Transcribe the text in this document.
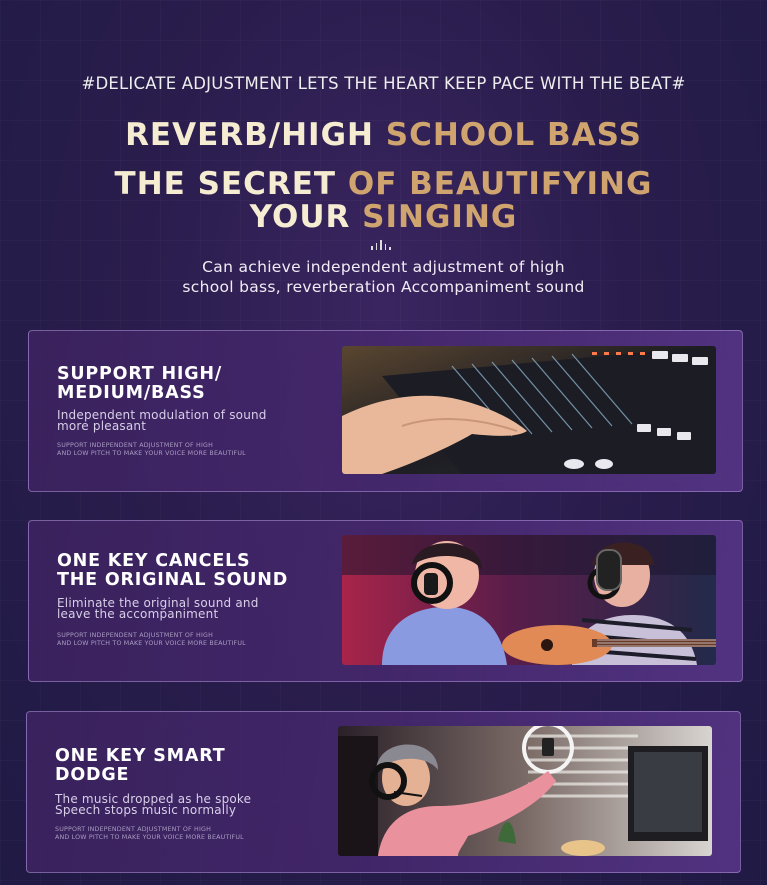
#DELICATE ADJUSTMENT LETS THE HEART KEEP PACE WITH THE BEAT#
REVERB/HIGH SCHOOL BASS
THE SECRET OF BEAUTIFYING
YOUR SINGING
Can achieve independent adjustment of high
school bass, reverberation Accompaniment sound
SUPPORT HIGH/
MEDIUM/BASS
Independent modulation of sound
more pleasant
SUPPORT INDEPENDENT ADJUSTMENT OF HIGH
AND LOW PITCH TO MAKE YOUR VOICE MORE BEAUTIFUL
ONE KEY CANCELS
THE ORIGINAL SOUND
Eliminate the original sound and
leave the accompaniment
SUPPORT INDEPENDENT ADJUSTMENT OF HIGH
AND LOW PITCH TO MAKE YOUR VOICE MORE BEAUTIFUL
ONE KEY SMART
DODGE
The music dropped as he spoke
Speech stops music normally
SUPPORT INDEPENDENT ADJUSTMENT OF HIGH
AND LOW PITCH TO MAKE YOUR VOICE MORE BEAUTIFUL
